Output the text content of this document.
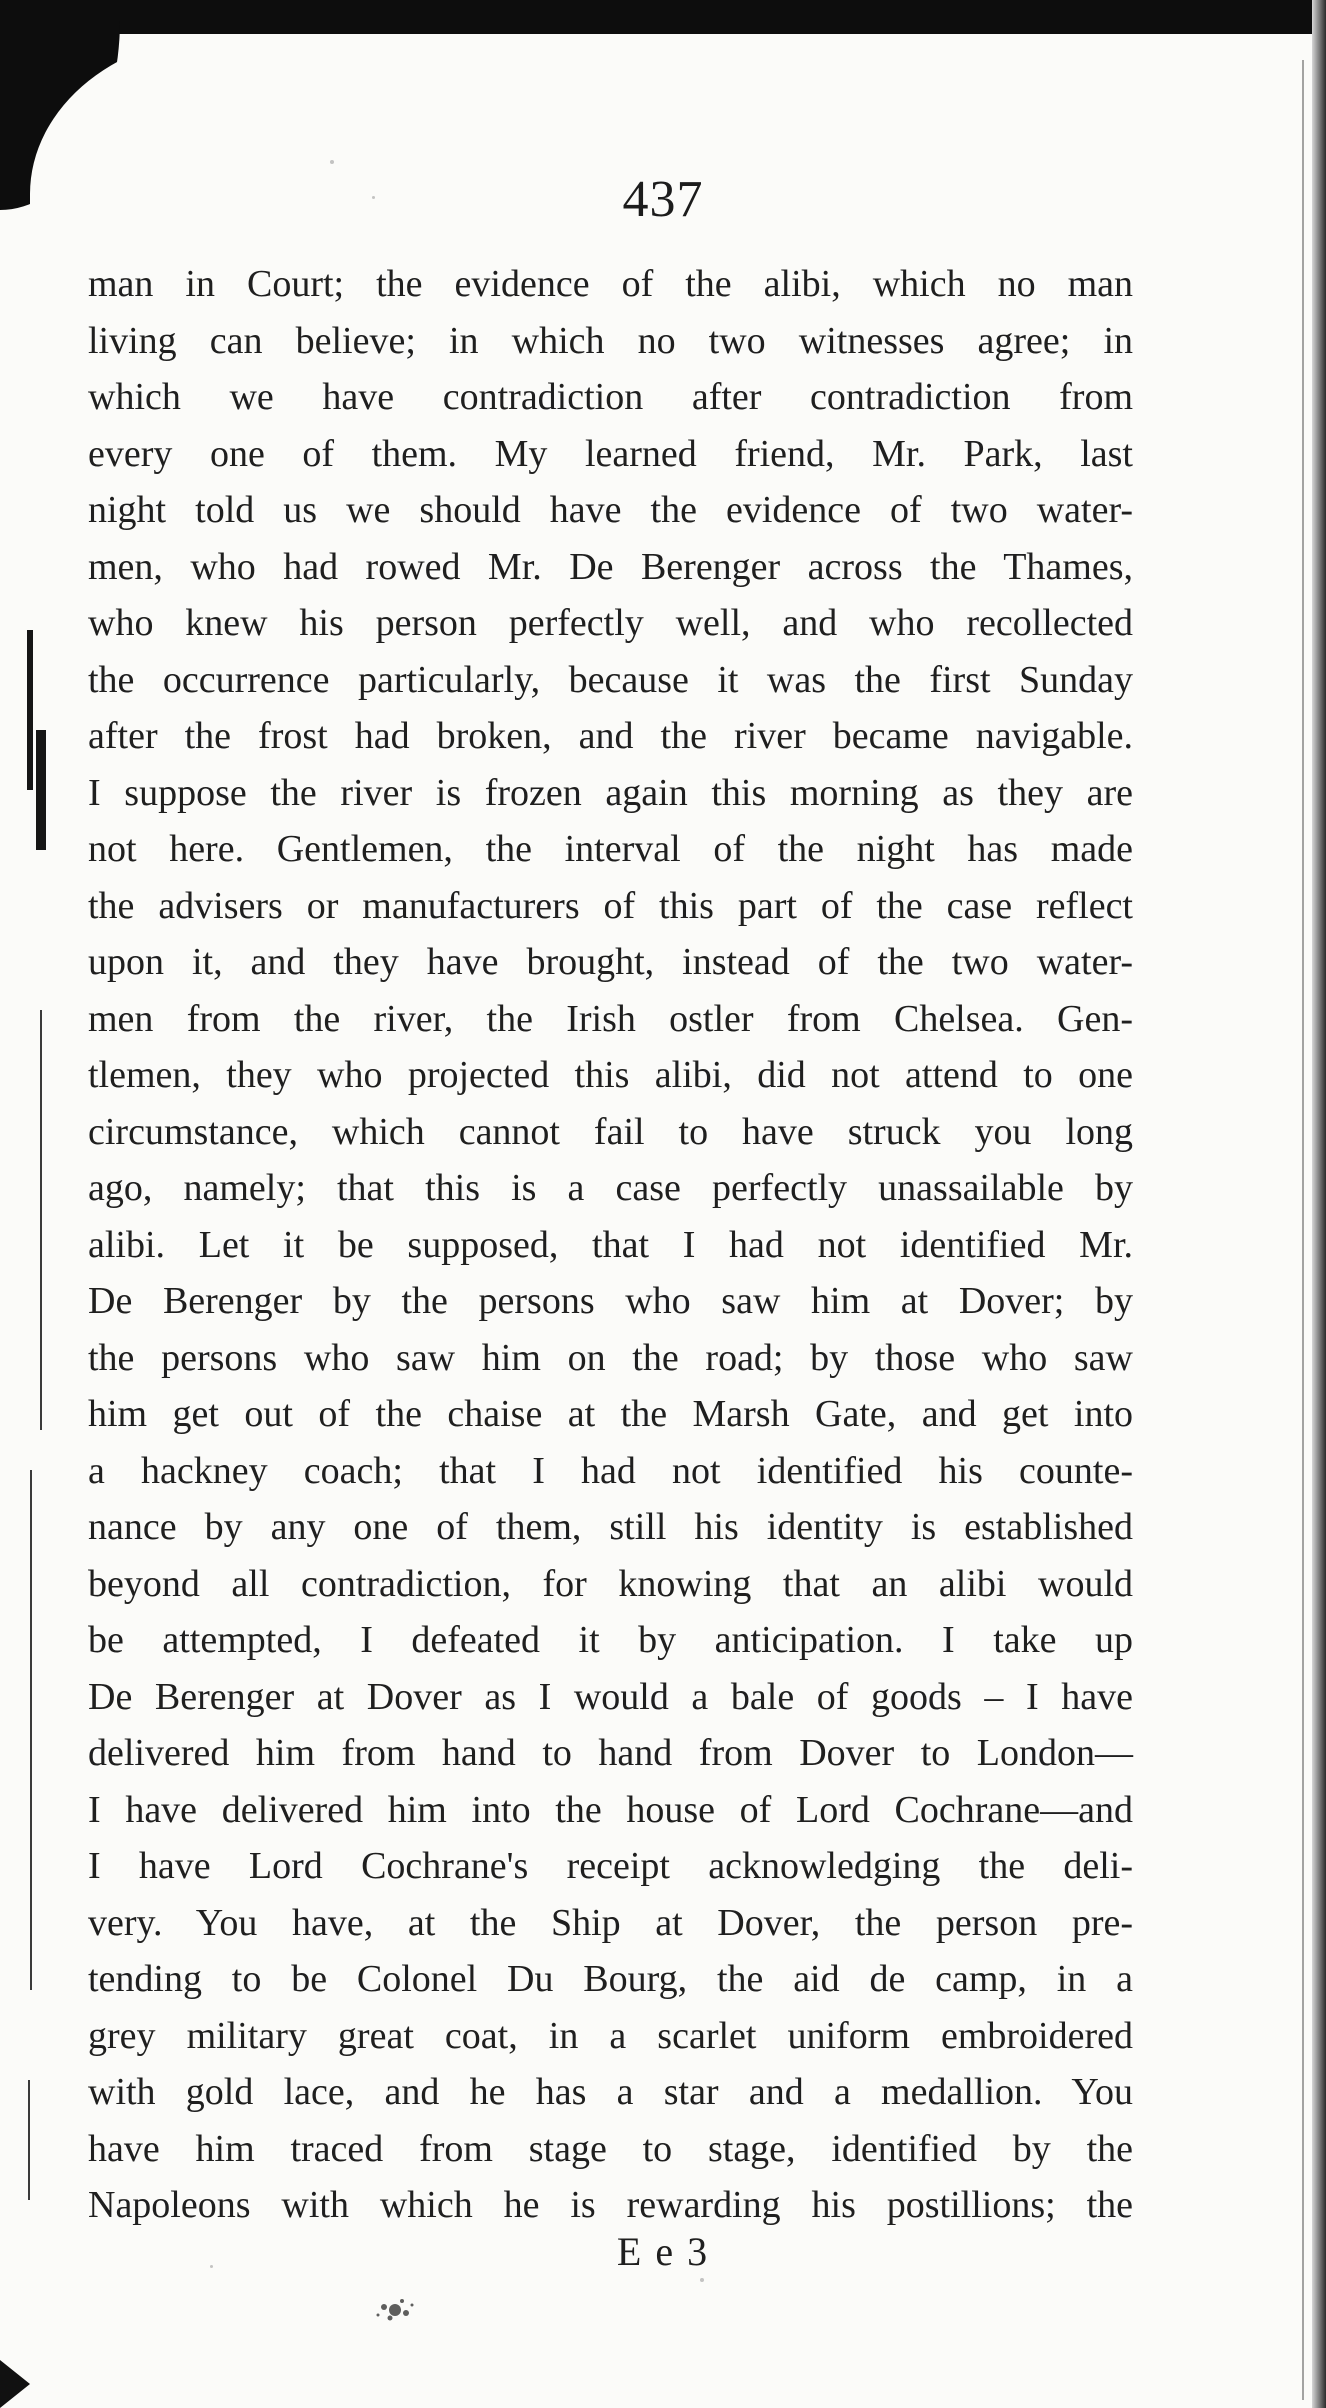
437
man in Court; the evidence of the alibi, which no man
living can believe; in which no two witnesses agree; in
which we have contradiction after contradiction from
every one of them. My learned friend, Mr. Park, last
night told us we should have the evidence of two water-
men, who had rowed Mr. De Berenger across the Thames,
who knew his person perfectly well, and who recollected
the occurrence particularly, because it was the first Sunday
after the frost had broken, and the river became navigable.
I suppose the river is frozen again this morning as they are
not here. Gentlemen, the interval of the night has made
the advisers or manufacturers of this part of the case reflect
upon it, and they have brought, instead of the two water-
men from the river, the Irish ostler from Chelsea. Gen-
tlemen, they who projected this alibi, did not attend to one
circumstance, which cannot fail to have struck you long
ago, namely; that this is a case perfectly unassailable by
alibi. Let it be supposed, that I had not identified Mr.
De Berenger by the persons who saw him at Dover; by
the persons who saw him on the road; by those who saw
him get out of the chaise at the Marsh Gate, and get into
a hackney coach; that I had not identified his counte-
nance by any one of them, still his identity is established
beyond all contradiction, for knowing that an alibi would
be attempted, I defeated it by anticipation. I take up
De Berenger at Dover as I would a bale of goods – I have
delivered him from hand to hand from Dover to London—
I have delivered him into the house of Lord Cochrane—and
I have Lord Cochrane's receipt acknowledging the deli-
very. You have, at the Ship at Dover, the person pre-
tending to be Colonel Du Bourg, the aid de camp, in a
grey military great coat, in a scarlet uniform embroidered
with gold lace, and he has a star and a medallion. You
have him traced from stage to stage, identified by the
Napoleons with which he is rewarding his postillions; the
E e 3
